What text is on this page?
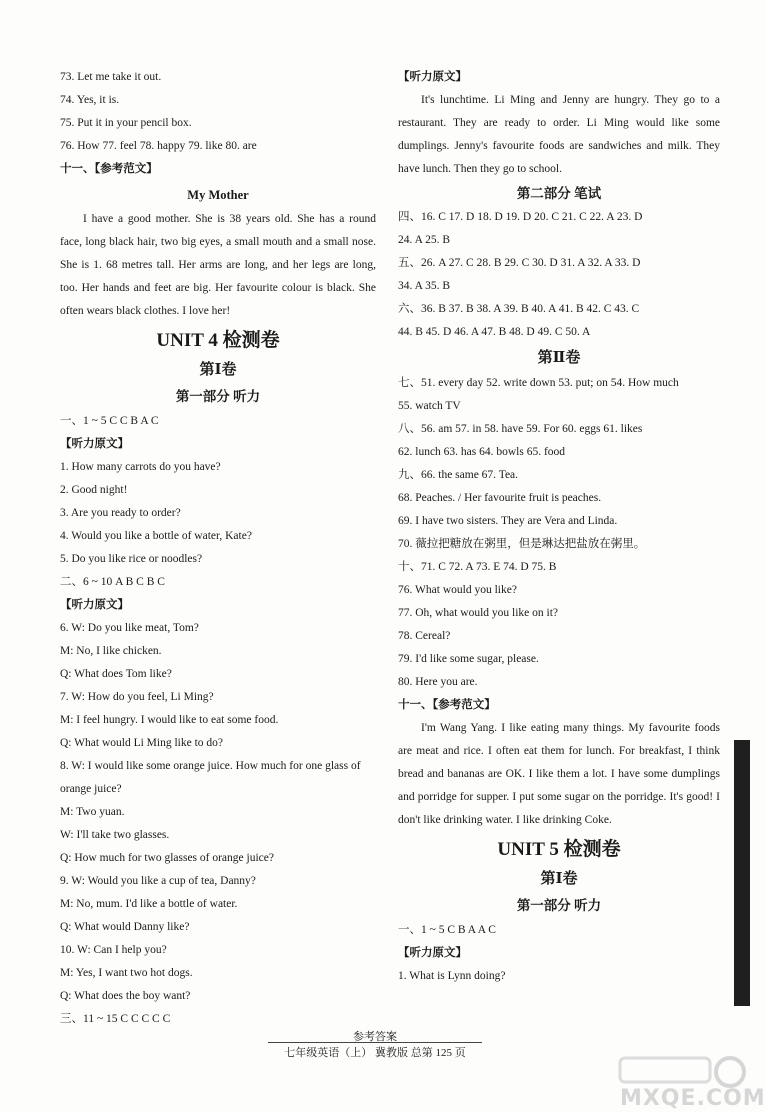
73. Let me take it out.
74. Yes, it is.
75. Put it in your pencil box.
76. How 77. feel 78. happy 79. like 80. are
十一、【参考范文】
My Mother
I have a good mother. She is 38 years old. She has a round face, long black hair, two big eyes, a small mouth and a small nose. She is 1. 68 metres tall. Her arms are long, and her legs are long, too. Her hands and feet are big. Her favourite colour is black. She often wears black clothes. I love her!
UNIT 4 检测卷
第Ⅰ卷
第一部分 听力
一、1 ~ 5 C C B A C
【听力原文】
1. How many carrots do you have?
2. Good night!
3. Are you ready to order?
4. Would you like a bottle of water, Kate?
5. Do you like rice or noodles?
二、6 ~ 10 A B C B C
【听力原文】
6. W: Do you like meat, Tom?
M: No, I like chicken.
Q: What does Tom like?
7. W: How do you feel, Li Ming?
M: I feel hungry. I would like to eat some food.
Q: What would Li Ming like to do?
8. W: I would like some orange juice. How much for one glass of
orange juice?
M: Two yuan.
W: I'll take two glasses.
Q: How much for two glasses of orange juice?
9. W: Would you like a cup of tea, Danny?
M: No, mum. I'd like a bottle of water.
Q: What would Danny like?
10. W: Can I help you?
M: Yes, I want two hot dogs.
Q: What does the boy want?
三、11 ~ 15 C C C C C
【听力原文】
It's lunchtime. Li Ming and Jenny are hungry. They go to a restaurant. They are ready to order. Li Ming would like some dumplings. Jenny's favourite foods are sandwiches and milk. They have lunch. Then they go to school.
第二部分 笔试
四、16. C 17. D 18. D 19. D 20. C 21. C 22. A 23. D
24. A 25. B
五、26. A 27. C 28. B 29. C 30. D 31. A 32. A 33. D
34. A 35. B
六、36. B 37. B 38. A 39. B 40. A 41. B 42. C 43. C
44. B 45. D 46. A 47. B 48. D 49. C 50. A
第Ⅱ卷
七、51. every day 52. write down 53. put; on 54. How much
55. watch TV
八、56. am 57. in 58. have 59. For 60. eggs 61. likes
62. lunch 63. has 64. bowls 65. food
九、66. the same 67. Tea.
68. Peaches. / Her favourite fruit is peaches.
69. I have two sisters. They are Vera and Linda.
70. 薇拉把糖放在粥里，但是琳达把盐放在粥里。
十、71. C 72. A 73. E 74. D 75. B
76. What would you like?
77. Oh, what would you like on it?
78. Cereal?
79. I'd like some sugar, please.
80. Here you are.
十一、【参考范文】
I'm Wang Yang. I like eating many things. My favourite foods are meat and rice. I often eat them for lunch. For breakfast, I think bread and bananas are OK. I like them a lot. I have some dumplings and porridge for supper. I put some sugar on the porridge. It's good! I don't like drinking water. I like drinking Coke.
UNIT 5 检测卷
第Ⅰ卷
第一部分 听力
一、1 ~ 5 C B A A C
【听力原文】
1. What is Lynn doing?
参考答案
七年级英语（上） 冀教版 总第 125 页
MXQE.COM
